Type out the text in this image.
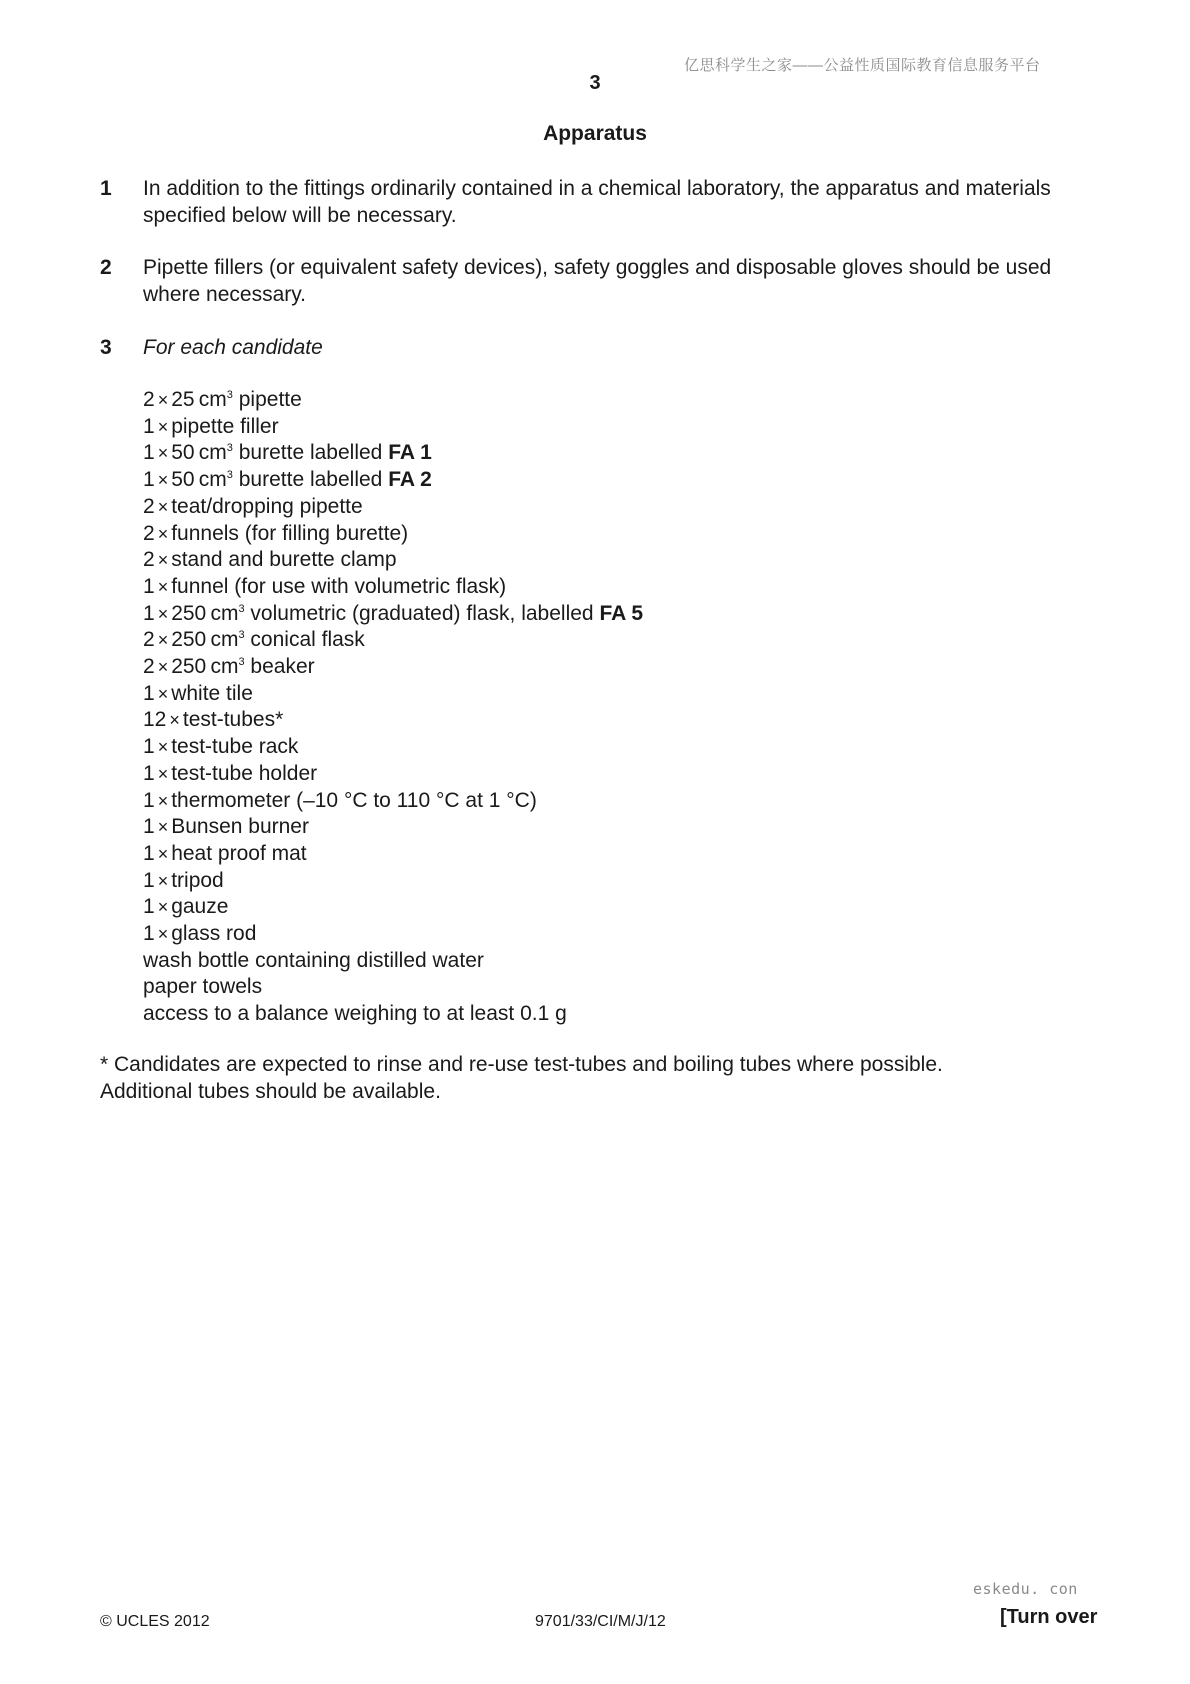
亿思科学生之家——公益性质国际教育信息服务平台
3
Apparatus
1 In addition to the fittings ordinarily contained in a chemical laboratory, the apparatus and materials specified below will be necessary.
2 Pipette fillers (or equivalent safety devices), safety goggles and disposable gloves should be used where necessary.
3 For each candidate
2 × 25  $cm^3$ pipette
1 × pipette filler
1 × 50  $cm^3$ burette labelled FA 1
1 × 50  $cm^3$ burette labelled FA 2
2 × teat/dropping pipette
2 × funnels (for filling burette)
2 × stand and burette clamp
1 × funnel (for use with volumetric flask)
1 × 250  $cm^3$ volumetric (graduated) flask, labelled FA 5
2 × 250  $cm^3$ conical flask
2 × 250  $cm^3$ beaker
1 × white tile
12 × test-tubes*
1 × test-tube rack
1 × test-tube holder
1 × thermometer (–10 °C to 110 °C at 1 °C)
1 × Bunsen burner
1 × heat proof mat
1 × tripod
1 × gauze
1 × glass rod
wash bottle containing distilled water
paper towels
access to a balance weighing to at least 0.1 g
* Candidates are expected to rinse and re-use test-tubes and boiling tubes where possible.
Additional tubes should be available.
eskedu. con
© UCLES 2012	9701/33/CI/M/J/12	[Turn over
